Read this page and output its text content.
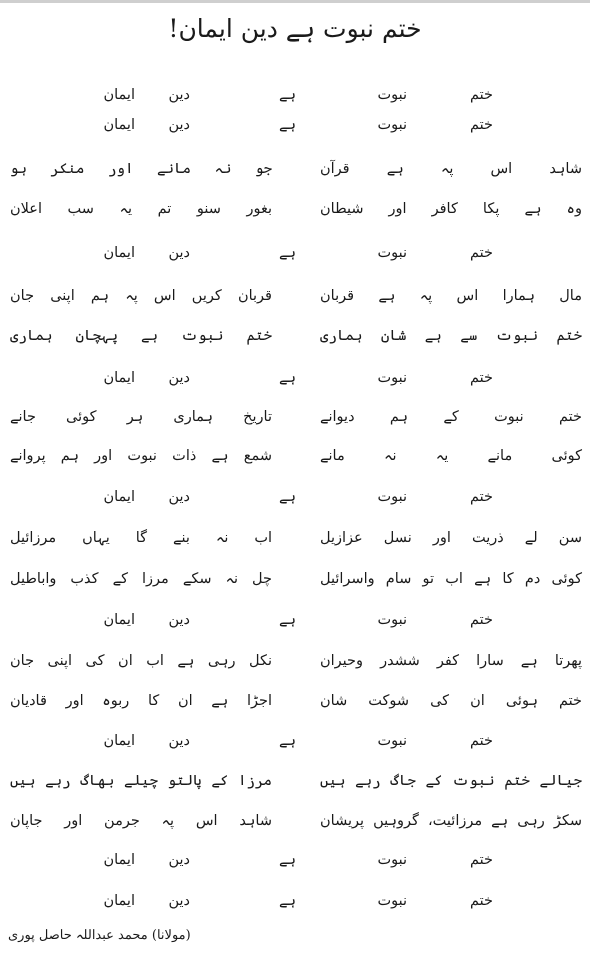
ختم نبوت ہے دین ایمان!
ختم
نبوت
ہے
دین
ایمان
ختم
نبوت
ہے
دین
ایمان
شاہد اس پہ ہے قرآن
جو نہ مانے اور منکر ہو
وہ ہے پکا کافر اور شیطان
بغور سنو تم یہ سب اعلان
ختم
نبوت
ہے
دین
ایمان
مال ہمارا اس پہ ہے قربان
قربان کریں اس پہ ہم اپنی جان
ختم نبوت سے ہے شان ہماری
ختم نبوت ہے پہچان ہماری
ختم
نبوت
ہے
دین
ایمان
ختم نبوت کے ہم دیوانے
تاریخ ہماری ہر کوئی جانے
کوئی مانے یہ نہ مانے
شمع ہے ذات نبوت اور ہم پروانے
ختم
نبوت
ہے
دین
ایمان
سن لے ذریت اور نسل عزازیل
اب نہ بنے گا یہاں مرزائیل
کوئی دم کا ہے اب تو سام واسرائیل
چل نہ سکے مرزا کے کذب واباطیل
ختم
نبوت
ہے
دین
ایمان
پھرتا ہے سارا کفر ششدر وحیران
نکل رہی ہے اب ان کی اپنی جان
ختم ہوئی ان کی شوکت شان
اجڑا ہے ان کا ربوہ اور قادیان
ختم
نبوت
ہے
دین
ایمان
جیالے ختم نبوت کے جاگ رہے ہیں
مرزا کے پالتو چیلے بھاگ رہے ہیں
سکڑ رہی ہے مرزائیت، گروہیں پریشان
شاہد اس پہ جرمن اور جاپان
ختم
نبوت
ہے
دین
ایمان
ختم
نبوت
ہے
دین
ایمان
(مولانا) محمد عبداللہ حاصل پوری
